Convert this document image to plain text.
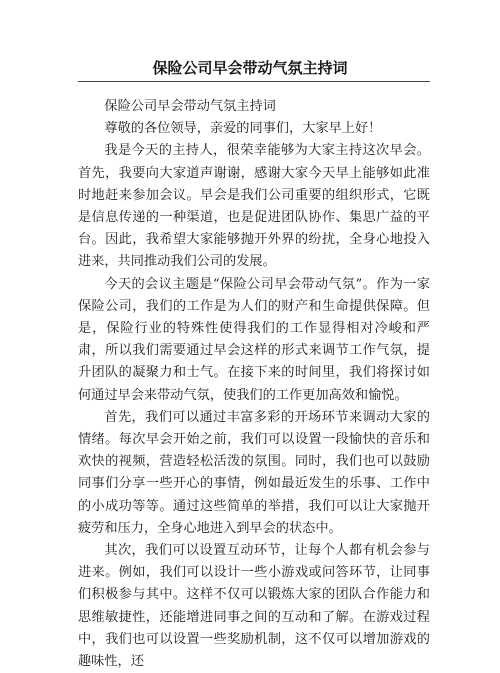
保险公司早会带动气氛主持词

保险公司早会带动气氛主持词

尊敬的各位领导，亲爱的同事们，大家早上好！

我是今天的主持人，很荣幸能够为大家主持这次早会。首先，我要向大家道声谢谢，感谢大家今天早上能够如此准时地赶来参加会议。早会是我们公司重要的组织形式，它既是信息传递的一种渠道，也是促进团队协作、集思广益的平台。因此，我希望大家能够抛开外界的纷扰，全身心地投入进来，共同推动我们公司的发展。

今天的会议主题是“保险公司早会带动气氛”。作为一家保险公司，我们的工作是为人们的财产和生命提供保障。但是，保险行业的特殊性使得我们的工作显得相对冷峻和严肃，所以我们需要通过早会这样的形式来调节工作气氛，提升团队的凝聚力和士气。在接下来的时间里，我们将探讨如何通过早会来带动气氛，使我们的工作更加高效和愉悦。

首先，我们可以通过丰富多彩的开场环节来调动大家的情绪。每次早会开始之前，我们可以设置一段愉快的音乐和欢快的视频，营造轻松活泼的氛围。同时，我们也可以鼓励同事们分享一些开心的事情，例如最近发生的乐事、工作中的小成功等等。通过这些简单的举措，我们可以让大家抛开疲劳和压力，全身心地进入到早会的状态中。

其次，我们可以设置互动环节，让每个人都有机会参与进来。例如，我们可以设计一些小游戏或问答环节，让同事们积极参与其中。这样不仅可以锻炼大家的团队合作能力和思维敏捷性，还能增进同事之间的互动和了解。在游戏过程中，我们也可以设置一些奖励机制，这不仅可以增加游戏的趣味性，还
